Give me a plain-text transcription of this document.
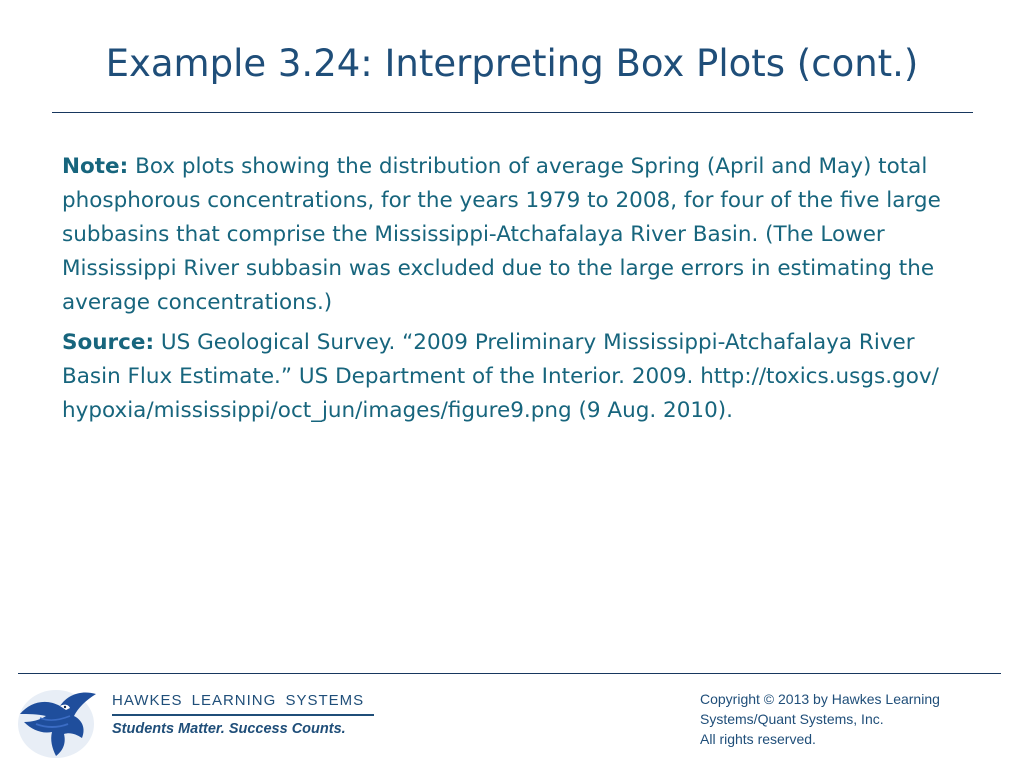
Example 3.24: Interpreting Box Plots (cont.)

Note: Box plots showing the distribution of average Spring (April and May) total phosphorous concentrations, for the years 1979 to 2008, for four of the five large subbasins that comprise the Mississippi-Atchafalaya River Basin. (The Lower Mississippi River subbasin was excluded due to the large errors in estimating the average concentrations.)

Source: US Geological Survey. “2009 Preliminary Mississippi-Atchafalaya River Basin Flux Estimate.” US Department of the Interior. 2009. http://toxics.usgs.gov/ hypoxia/mississippi/oct_jun/images/figure9.png (9 Aug. 2010).

HAWKES LEARNING SYSTEMS
Students Matter. Success Counts.
Copyright © 2013 by Hawkes Learning
Systems/Quant Systems, Inc.
All rights reserved.
